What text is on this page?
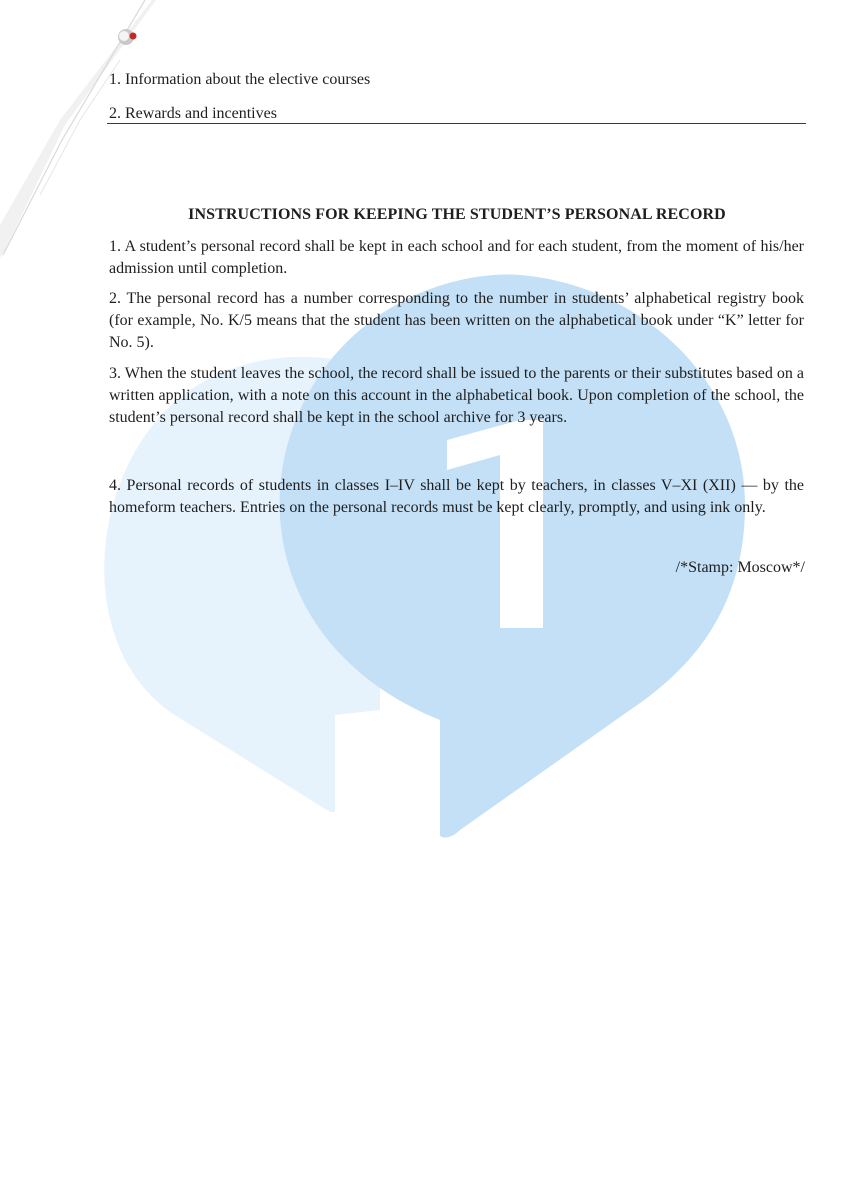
1. Information about the elective courses
2. Rewards and incentives
INSTRUCTIONS FOR KEEPING THE STUDENT’S PERSONAL RECORD

1. A student’s personal record shall be kept in each school and for each student, from the moment of his/her admission until completion.

2. The personal record has a number corresponding to the number in students’ alphabetical registry book (for example, No. K/5 means that the student has been written on the alphabetical book under “K” letter for No. 5).

3. When the student leaves the school, the record shall be issued to the parents or their substitutes based on a written application, with a note on this account in the alphabetical book. Upon completion of the school, the student’s personal record shall be kept in the school archive for 3 years.

4. Personal records of students in classes I–IV shall be kept by teachers, in classes V–XI (XII) — by the homeform teachers. Entries on the personal records must be kept clearly, promptly, and using ink only.

/*Stamp: Moscow*/
